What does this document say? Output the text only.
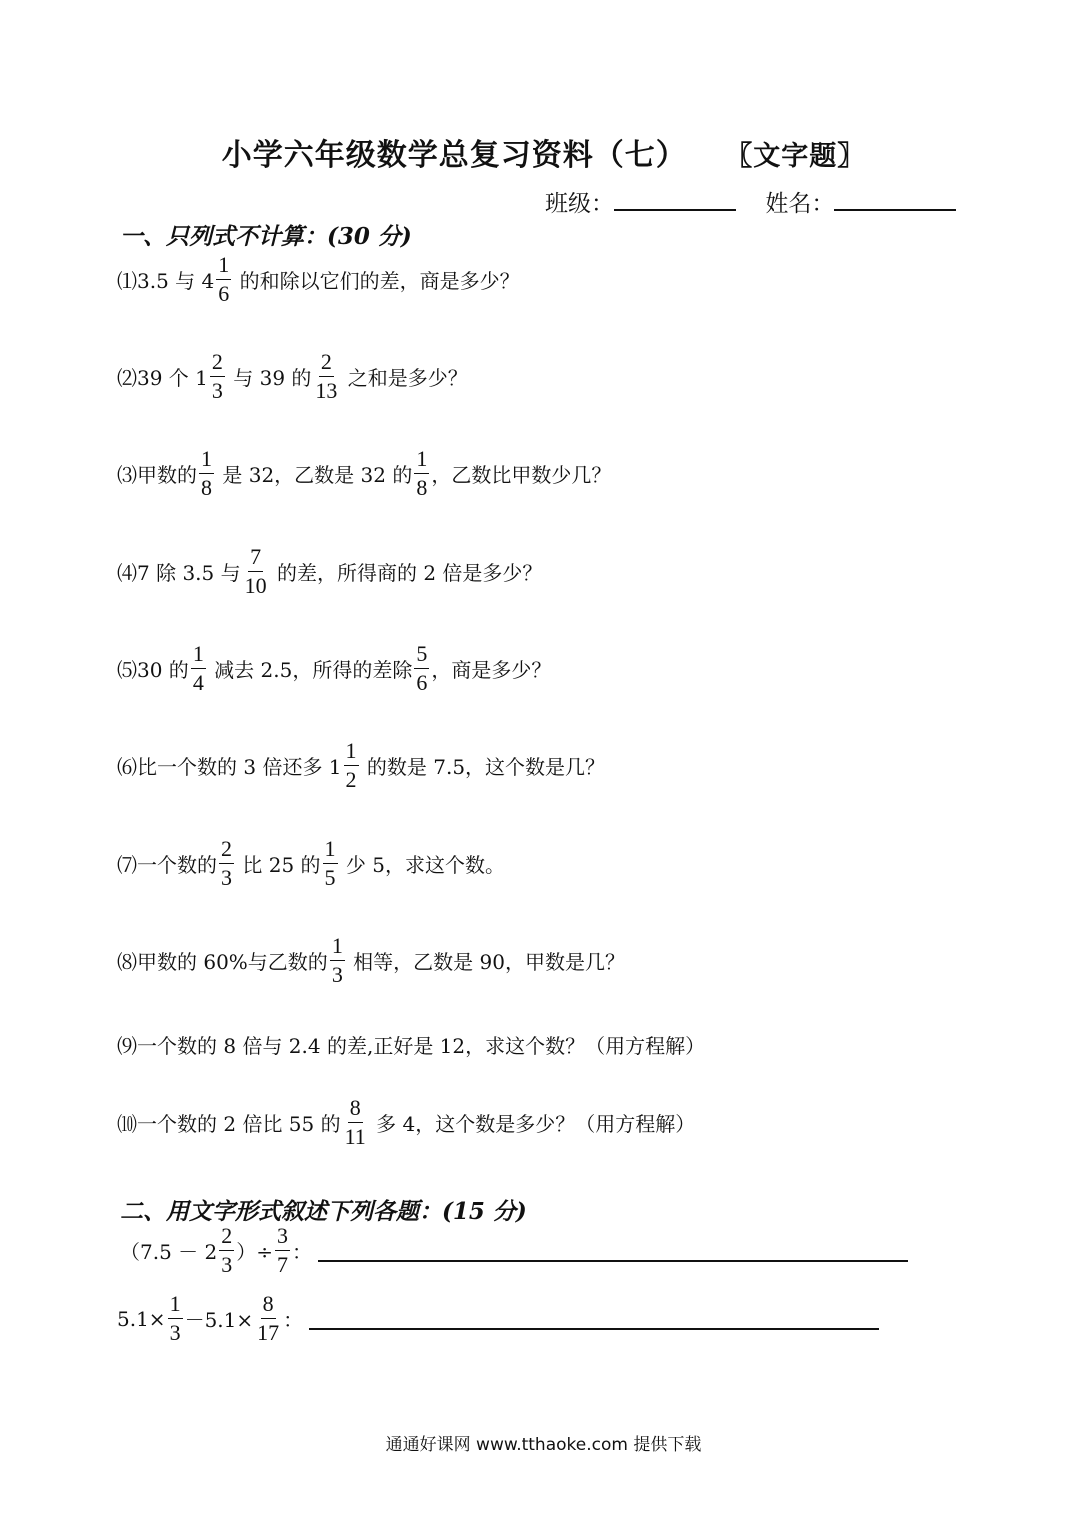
小学六年级数学总复习资料（七） 〖文字题〗
班级：	姓名：
一、只列式不计算：(30 分)
⑴3.5 与 $4 \frac{1}{6}$ 的和除以它们的差，商是多少？
⑵39 个 $1 \frac{2}{3}$ 与 39 的 $\frac{2}{13}$ 之和是多少？
⑶甲数的 $\frac{1}{8}$ 是 32，乙数是 32 的 $\frac{1}{8}$ ，乙数比甲数少几？
⑷7 除 3.5 与 $\frac{7}{10}$ 的差，所得商的 2 倍是多少？
⑸30 的 $\frac{1}{4}$ 减去 2.5，所得的差除 $\frac{5}{6}$ ，商是多少？
⑹比一个数的 3 倍还多 $1 \frac{1}{2}$ 的数是 7.5，这个数是几？
⑺一个数的 $\frac{2}{3}$ 比 25 的 $\frac{1}{5}$ 少 5，求这个数。
⑻甲数的 60%与乙数的 $\frac{1}{3}$ 相等，乙数是 90，甲数是几？
⑼一个数的 8 倍与 2.4 的差,正好是 12，求这个数？（用方程解）
⑽一个数的 2 倍比 55 的 $\frac{8}{11}$ 多 4，这个数是多少？（用方程解）
二、用文字形式叙述下列各题：(15 分)
（$7.5 - 2 \frac{2}{3}$ ）÷ $\frac{3}{7}$ ：
$5.1\times \frac{1}{3} -5.1\times \frac{8}{17}$ ：
通通好课网 www.tthaoke.com 提供下载
